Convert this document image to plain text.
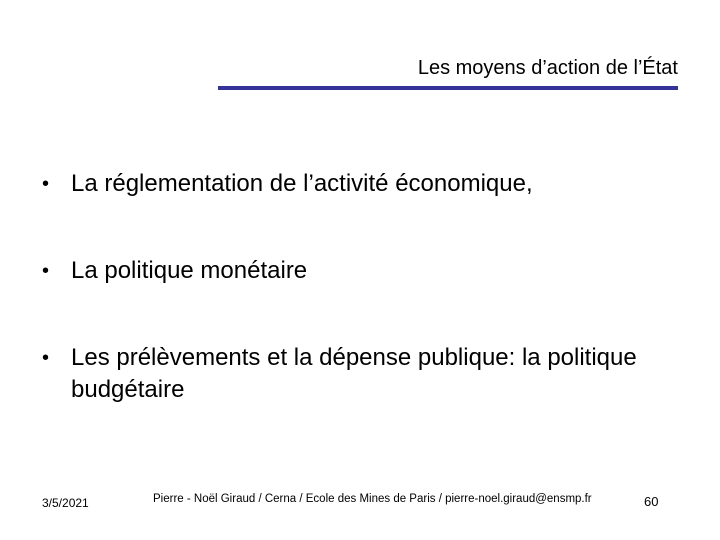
Les moyens d’action de l’État
• La réglementation de l’activité économique,
• La politique monétaire
• Les prélèvements et la dépense publique: la politique budgétaire
3/5/2021	Pierre - Noël Giraud / Cerna / Ecole des Mines de Paris / pierre-noel.giraud@ensmp.fr	60
